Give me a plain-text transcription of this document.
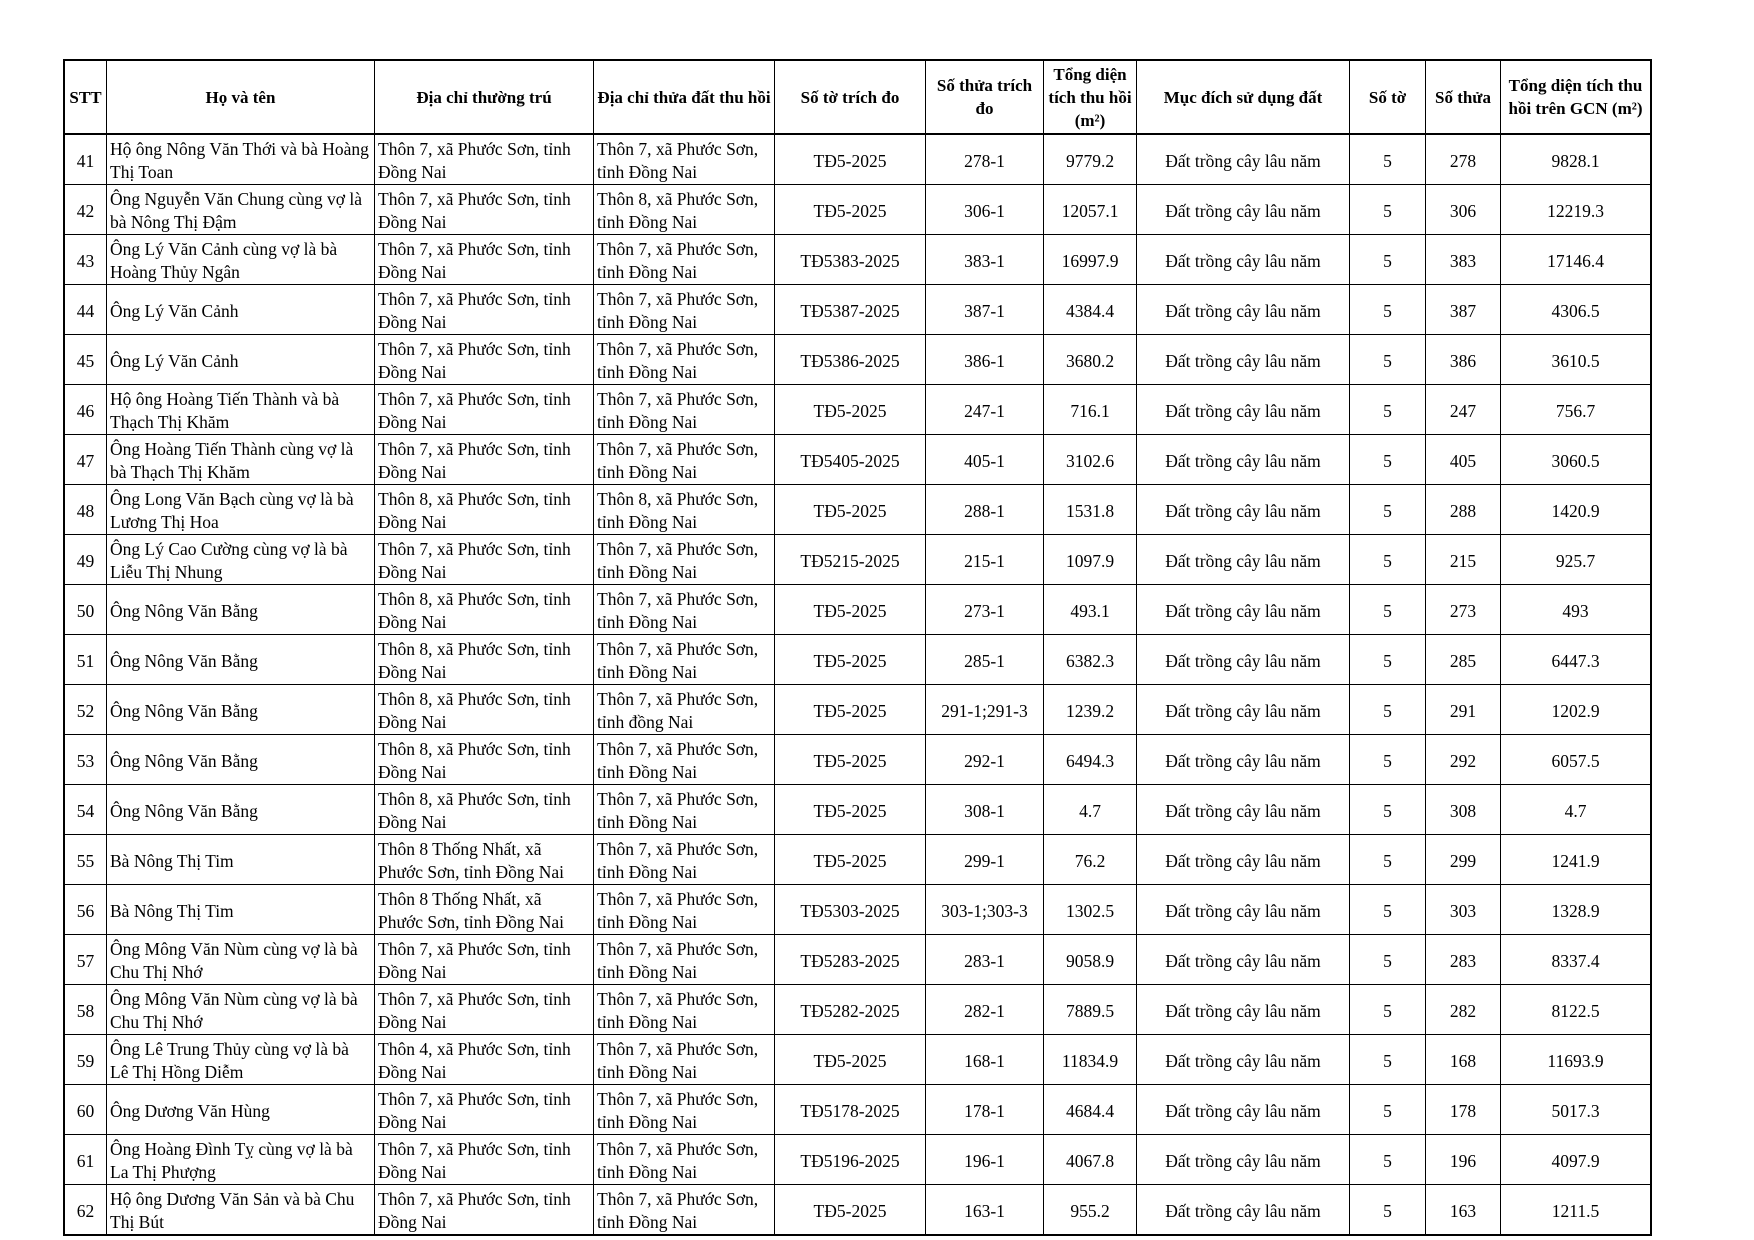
STT	Họ và tên	Địa chỉ thường trú	Địa chỉ thửa đất thu hồi	Số tờ trích đo	Số thửa trích đo	Tổng diện tích thu hồi (m²)	Mục đích sử dụng đất	Số tờ	Số thửa	Tổng diện tích thu hồi trên GCN (m²)
41	Hộ ông Nông Văn Thới và bà Hoàng Thị Toan	Thôn 7, xã Phước Sơn, tỉnh Đồng Nai	Thôn 7, xã Phước Sơn, tỉnh Đồng Nai	TĐ5-2025	278-1	9779.2	Đất trồng cây lâu năm	5	278	9828.1
42	Ông Nguyễn Văn Chung cùng vợ là bà Nông Thị Đậm	Thôn 7, xã Phước Sơn, tỉnh Đồng Nai	Thôn 8, xã Phước Sơn, tỉnh Đồng Nai	TĐ5-2025	306-1	12057.1	Đất trồng cây lâu năm	5	306	12219.3
43	Ông Lý Văn Cảnh cùng vợ là bà Hoàng Thủy Ngân	Thôn 7, xã Phước Sơn, tỉnh Đồng Nai	Thôn 7, xã Phước Sơn, tỉnh Đồng Nai	TĐ5383-2025	383-1	16997.9	Đất trồng cây lâu năm	5	383	17146.4
44	Ông Lý Văn Cảnh	Thôn 7, xã Phước Sơn, tỉnh Đồng Nai	Thôn 7, xã Phước Sơn, tỉnh Đồng Nai	TĐ5387-2025	387-1	4384.4	Đất trồng cây lâu năm	5	387	4306.5
45	Ông Lý Văn Cảnh	Thôn 7, xã Phước Sơn, tỉnh Đồng Nai	Thôn 7, xã Phước Sơn, tỉnh Đồng Nai	TĐ5386-2025	386-1	3680.2	Đất trồng cây lâu năm	5	386	3610.5
46	Hộ ông Hoàng Tiến Thành và bà Thạch Thị Khăm	Thôn 7, xã Phước Sơn, tỉnh Đồng Nai	Thôn 7, xã Phước Sơn, tỉnh Đồng Nai	TĐ5-2025	247-1	716.1	Đất trồng cây lâu năm	5	247	756.7
47	Ông Hoàng Tiến Thành cùng vợ là bà Thạch Thị Khăm	Thôn 7, xã Phước Sơn, tỉnh Đồng Nai	Thôn 7, xã Phước Sơn, tỉnh Đồng Nai	TĐ5405-2025	405-1	3102.6	Đất trồng cây lâu năm	5	405	3060.5
48	Ông Long Văn Bạch cùng vợ là bà Lương Thị Hoa	Thôn 8, xã Phước Sơn, tỉnh Đồng Nai	Thôn 8, xã Phước Sơn, tỉnh Đồng Nai	TĐ5-2025	288-1	1531.8	Đất trồng cây lâu năm	5	288	1420.9
49	Ông Lý Cao Cường cùng vợ là bà Liễu Thị Nhung	Thôn 7, xã Phước Sơn, tỉnh Đồng Nai	Thôn 7, xã Phước Sơn, tỉnh Đồng Nai	TĐ5215-2025	215-1	1097.9	Đất trồng cây lâu năm	5	215	925.7
50	Ông Nông Văn Bằng	Thôn 8, xã Phước Sơn, tỉnh Đồng Nai	Thôn 7, xã Phước Sơn, tỉnh Đồng Nai	TĐ5-2025	273-1	493.1	Đất trồng cây lâu năm	5	273	493
51	Ông Nông Văn Bằng	Thôn 8, xã Phước Sơn, tỉnh Đồng Nai	Thôn 7, xã Phước Sơn, tỉnh Đồng Nai	TĐ5-2025	285-1	6382.3	Đất trồng cây lâu năm	5	285	6447.3
52	Ông Nông Văn Bằng	Thôn 8, xã Phước Sơn, tỉnh Đồng Nai	Thôn 7, xã Phước Sơn, tỉnh đồng Nai	TĐ5-2025	291-1;291-3	1239.2	Đất trồng cây lâu năm	5	291	1202.9
53	Ông Nông Văn Bằng	Thôn 8, xã Phước Sơn, tỉnh Đồng Nai	Thôn 7, xã Phước Sơn, tỉnh Đồng Nai	TĐ5-2025	292-1	6494.3	Đất trồng cây lâu năm	5	292	6057.5
54	Ông Nông Văn Bằng	Thôn 8, xã Phước Sơn, tỉnh Đồng Nai	Thôn 7, xã Phước Sơn, tỉnh Đồng Nai	TĐ5-2025	308-1	4.7	Đất trồng cây lâu năm	5	308	4.7
55	Bà Nông Thị Tim	Thôn 8 Thống Nhất, xã Phước Sơn, tỉnh Đồng Nai	Thôn 7, xã Phước Sơn, tỉnh Đồng Nai	TĐ5-2025	299-1	76.2	Đất trồng cây lâu năm	5	299	1241.9
56	Bà Nông Thị Tim	Thôn 8 Thống Nhất, xã Phước Sơn, tỉnh Đồng Nai	Thôn 7, xã Phước Sơn, tỉnh Đồng Nai	TĐ5303-2025	303-1;303-3	1302.5	Đất trồng cây lâu năm	5	303	1328.9
57	Ông Mông Văn Nùm cùng vợ là bà Chu Thị Nhớ	Thôn 7, xã Phước Sơn, tỉnh Đồng Nai	Thôn 7, xã Phước Sơn, tỉnh Đồng Nai	TĐ5283-2025	283-1	9058.9	Đất trồng cây lâu năm	5	283	8337.4
58	Ông Mông Văn Nùm cùng vợ là bà Chu Thị Nhớ	Thôn 7, xã Phước Sơn, tỉnh Đồng Nai	Thôn 7, xã Phước Sơn, tỉnh Đồng Nai	TĐ5282-2025	282-1	7889.5	Đất trồng cây lâu năm	5	282	8122.5
59	Ông Lê Trung Thủy cùng vợ là bà Lê Thị Hồng Diễm	Thôn 4, xã Phước Sơn, tỉnh Đồng Nai	Thôn 7, xã Phước Sơn, tỉnh Đồng Nai	TĐ5-2025	168-1	11834.9	Đất trồng cây lâu năm	5	168	11693.9
60	Ông Dương Văn Hùng	Thôn 7, xã Phước Sơn, tỉnh Đồng Nai	Thôn 7, xã Phước Sơn, tỉnh Đồng Nai	TĐ5178-2025	178-1	4684.4	Đất trồng cây lâu năm	5	178	5017.3
61	Ông Hoàng Đình Tỵ cùng vợ là bà La Thị Phượng	Thôn 7, xã Phước Sơn, tỉnh Đồng Nai	Thôn 7, xã Phước Sơn, tỉnh Đồng Nai	TĐ5196-2025	196-1	4067.8	Đất trồng cây lâu năm	5	196	4097.9
62	Hộ ông Dương Văn Sản và bà Chu Thị Bút	Thôn 7, xã Phước Sơn, tỉnh Đồng Nai	Thôn 7, xã Phước Sơn, tỉnh Đồng Nai	TĐ5-2025	163-1	955.2	Đất trồng cây lâu năm	5	163	1211.5
